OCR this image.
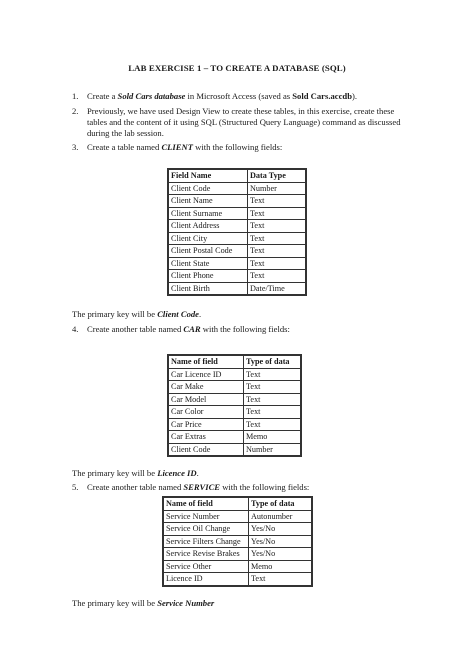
LAB EXERCISE 1 – TO CREATE A DATABASE (SQL)
1. Create a Sold Cars database in Microsoft Access (saved as Sold Cars.accdb).
2. Previously, we have used Design View to create these tables, in this exercise, create these
tables and the content of it using SQL (Structured Query Language) command as discussed
during the lab session.
3. Create a table named CLIENT with the following fields:
Field Name	Data Type
Client Code	Number
Client Name	Text
Client Surname	Text
Client Address	Text
Client City	Text
Client Postal Code	Text
Client State	Text
Client Phone	Text
Client Birth	Date/Time
The primary key will be Client Code.
4. Create another table named CAR with the following fields:
Name of field	Type of data
Car Licence ID	Text
Car Make	Text
Car Model	Text
Car Color	Text
Car Price	Text
Car Extras	Memo
Client Code	Number
The primary key will be Licence ID.
5. Create another table named SERVICE with the following fields:
Name of field	Type of data
Service Number	Autonumber
Service Oil Change	Yes/No
Service Filters Change	Yes/No
Service Revise Brakes	Yes/No
Service Other	Memo
Licence ID	Text
The primary key will be Service Number
